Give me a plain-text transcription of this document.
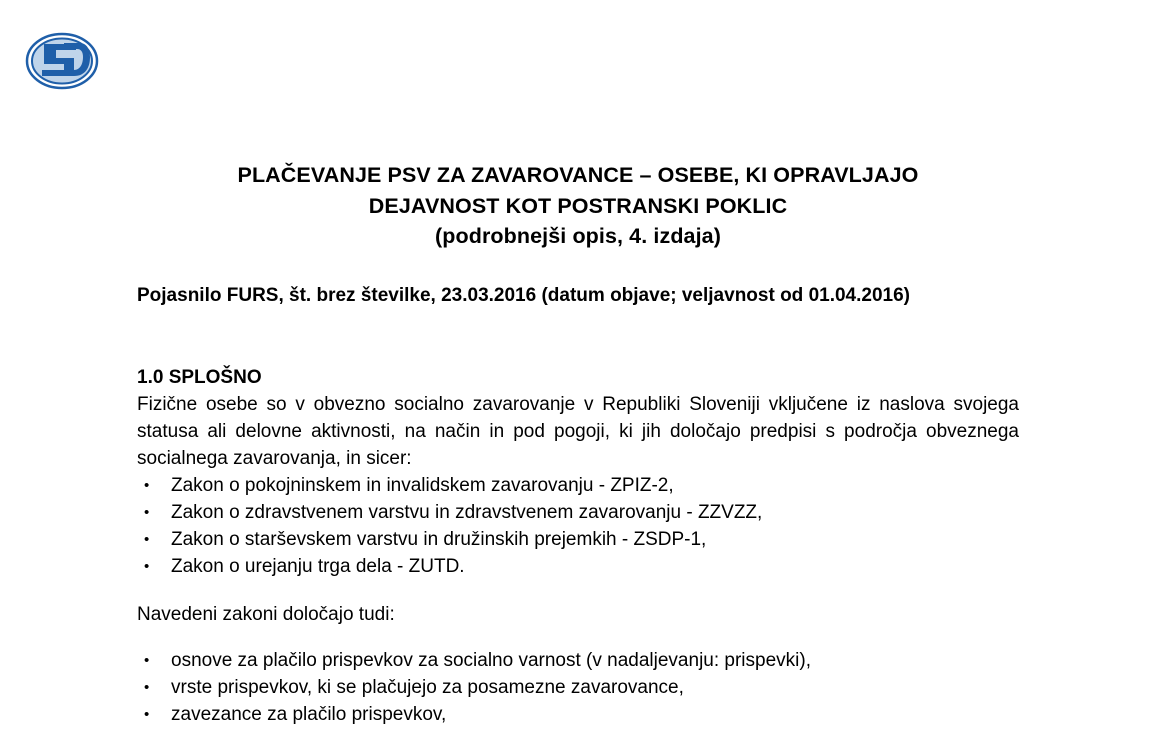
PLAČEVANJE PSV ZA ZAVAROVANCE – OSEBE, KI OPRAVLJAJO
DEJAVNOST KOT POSTRANSKI POKLIC
(podrobnejši opis, 4. izdaja)
Pojasnilo FURS, št. brez številke, 23.03.2016 (datum objave; veljavnost od 01.04.2016)
1.0 SPLOŠNO

Fizične osebe so v obvezno socialno zavarovanje v Republiki Sloveniji vključene iz naslova svojega statusa ali delovne aktivnosti, na način in pod pogoji, ki jih določajo predpisi s področja obveznega socialnega zavarovanja, in sicer:

• Zakon o pokojninskem in invalidskem zavarovanju - ZPIZ-2,
• Zakon o zdravstvenem varstvu in zdravstvenem zavarovanju - ZZVZZ,
• Zakon o starševskem varstvu in družinskih prejemkih - ZSDP-1,
• Zakon o urejanju trga dela - ZUTD.

Navedeni zakoni določajo tudi:

• osnove za plačilo prispevkov za socialno varnost (v nadaljevanju: prispevki),
• vrste prispevkov, ki se plačujejo za posamezne zavarovance,
• zavezance za plačilo prispevkov,
